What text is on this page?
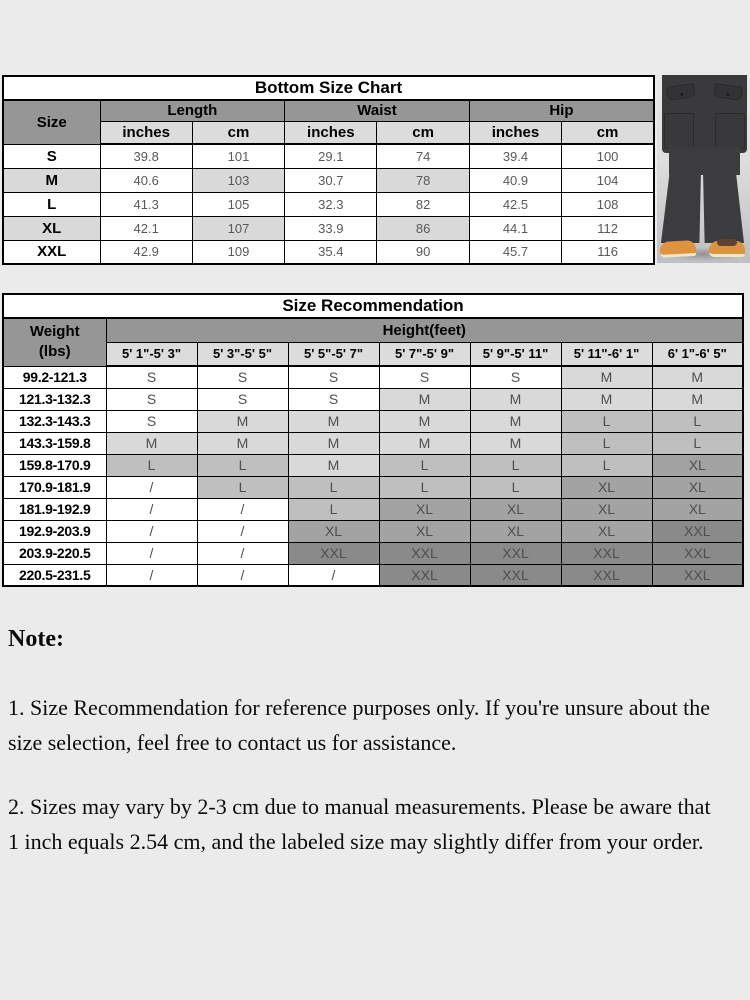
Bottom Size Chart						
Size	Length		Waist		Hip	
	inches	cm	inches	cm	inches	cm
S	39.8	101	29.1	74	39.4	100
M	40.6	103	30.7	78	40.9	104
L	41.3	105	32.3	82	42.5	108
XL	42.1	107	33.9	86	44.1	112
XXL	42.9	109	35.4	90	45.7	116
Size Recommendation							
Weight
(lbs)	Height(feet)						
	5' 1"-5' 3"	5' 3"-5' 5"	5' 5"-5' 7"	5' 7"-5' 9"	5' 9"-5' 11"	5' 11"-6' 1"	6' 1"-6' 5"
99.2-121.3	S	S	S	S	S	M	M
121.3-132.3	S	S	S	M	M	M	M
132.3-143.3	S	M	M	M	M	L	L
143.3-159.8	M	M	M	M	M	L	L
159.8-170.9	L	L	M	L	L	L	XL
170.9-181.9	/	L	L	L	L	XL	XL
181.9-192.9	/	/	L	XL	XL	XL	XL
192.9-203.9	/	/	XL	XL	XL	XL	XXL
203.9-220.5	/	/	XXL	XXL	XXL	XXL	XXL
220.5-231.5	/	/	/	XXL	XXL	XXL	XXL
Note:

1. Size Recommendation for reference purposes only. If you're unsure about the size selection, feel free to contact us for assistance.

2. Sizes may vary by 2-3 cm due to manual measurements. Please be aware that 1 inch equals 2.54 cm, and the labeled size may slightly differ from your order.
